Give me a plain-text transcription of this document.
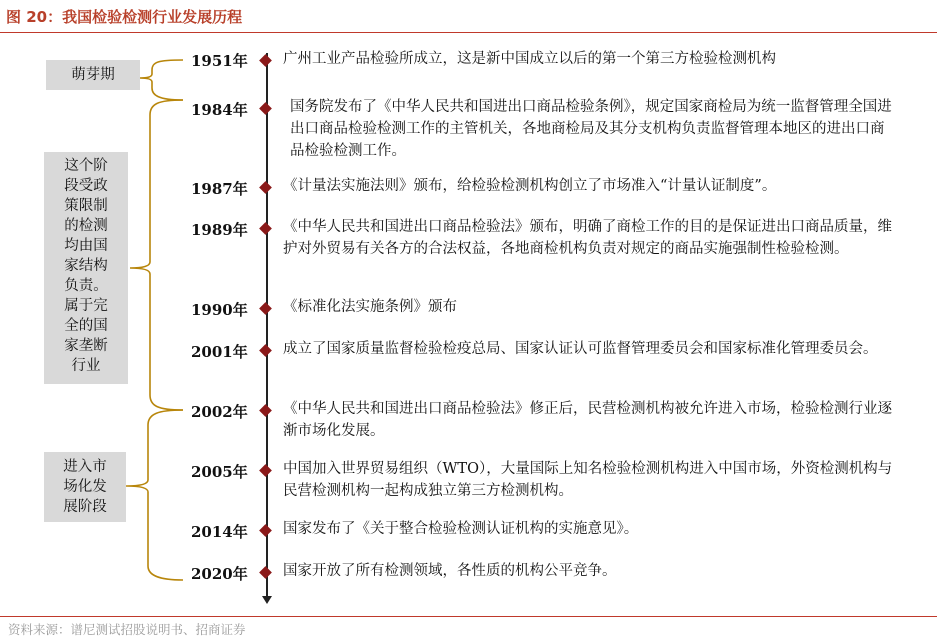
图 20：我国检验检测行业发展历程
萌芽期
这个阶
段受政
策限制
的检测
均由国
家结构
负责。
属于完
全的国
家垄断
行业
进入市
场化发
展阶段
1951年 广州工业产品检验所成立，这是新中国成立以后的第一个第三方检验检测机构
1984年	国务院发布了《中华人民共和国进出口商品检验条例》，规定国家商检局为统一监督管理全国进出口商品检验检测工作的主管机关，各地商检局及其分支机构负责监督管理本地区的进出口商品检验检测工作。
1987年 《计量法实施法则》颁布，给检验检测机构创立了市场准入“计量认证制度”。
1989年 《中华人民共和国进出口商品检验法》颁布，明确了商检工作的目的是保证进出口商品质量，维护对外贸易有关各方的合法权益，各地商检机构负责对规定的商品实施强制性检验检测。
1990年 《标准化法实施条例》颁布
2001年 成立了国家质量监督检验检疫总局、国家认证认可监督管理委员会和国家标准化管理委员会。
2002年 《中华人民共和国进出口商品检验法》修正后，民营检测机构被允许进入市场，检验检测行业逐渐市场化发展。
2005年 中国加入世界贸易组织（WTO），大量国际上知名检验检测机构进入中国市场，外资检测机构与民营检测机构一起构成独立第三方检测机构。
2014年 国家发布了《关于整合检验检测认证机构的实施意见》。
2020年 国家开放了所有检测领域，各性质的机构公平竞争。
资料来源：谱尼测试招股说明书、招商证券
